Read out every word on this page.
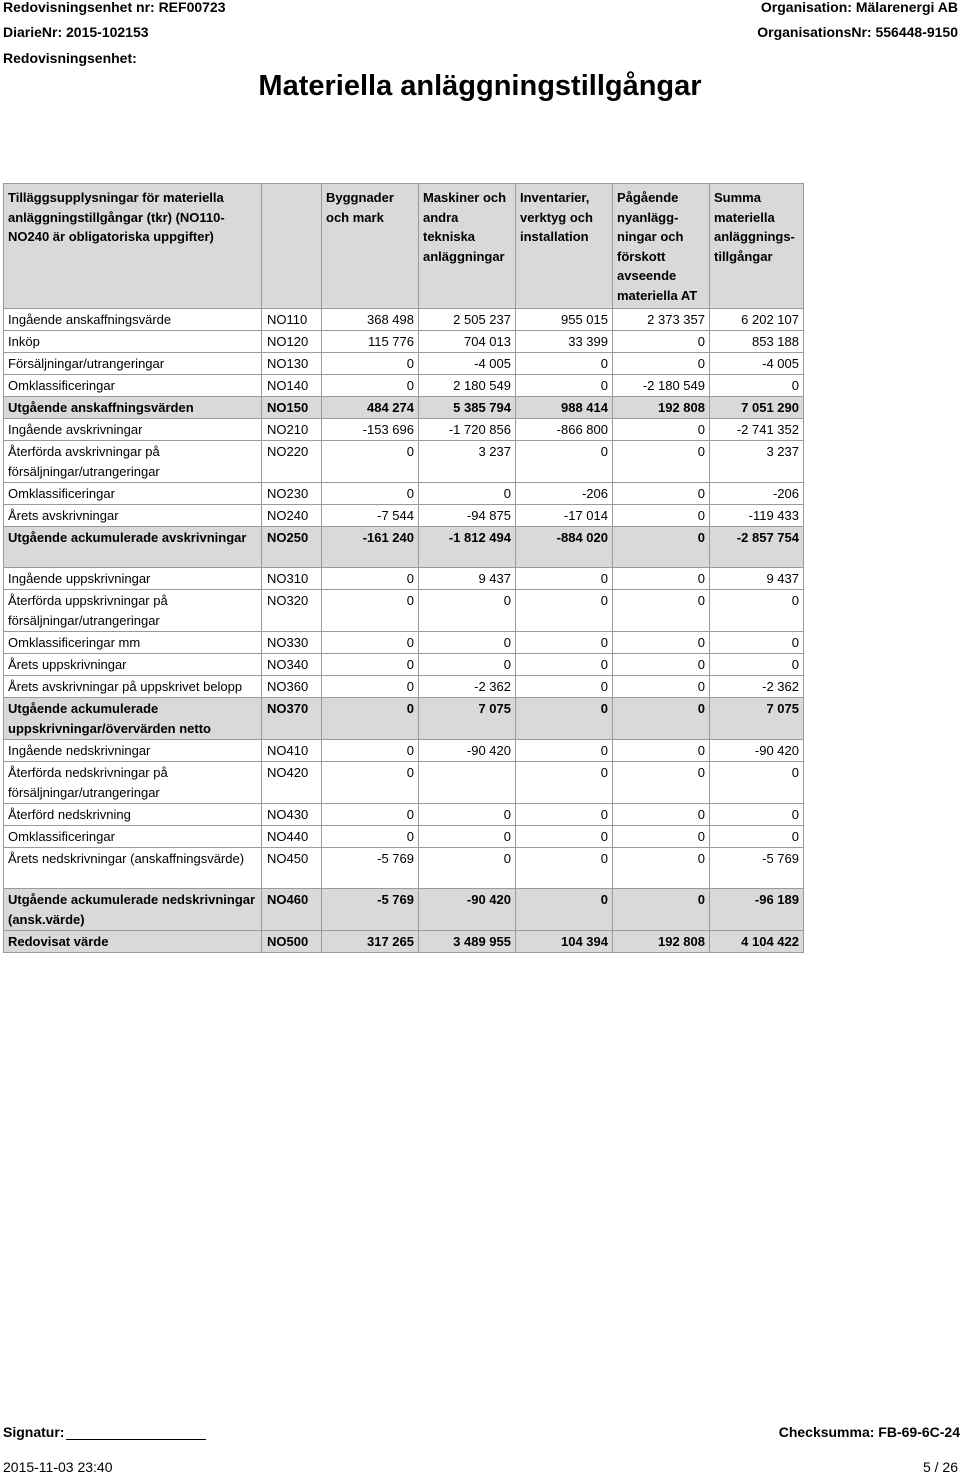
Redovisningsenhet nr: REF00723
DiarieNr: 2015-102153
Redovisningsenhet:
Organisation: Mälarenergi AB
OrganisationsNr: 556448-9150
Materiella anläggningstillgångar
Tilläggsupplysningar för materiella anläggningstillgångar (tkr) (NO110-NO240 är obligatoriska uppgifter)		Byggnader och mark	Maskiner och andra tekniska anläggningar	Inventarier, verktyg och installation	Pågående nyanlägg-ningar och förskott avseende materiella AT	Summa materiella anläggnings-tillgångar
Ingående anskaffningsvärde	NO110	368 498	2 505 237	955 015	2 373 357	6 202 107
Inköp	NO120	115 776	704 013	33 399	0	853 188
Försäljningar/utrangeringar	NO130	0	-4 005	0	0	-4 005
Omklassificeringar	NO140	0	2 180 549	0	-2 180 549	0
Utgående anskaffningsvärden	NO150	484 274	5 385 794	988 414	192 808	7 051 290
Ingående avskrivningar	NO210	-153 696	-1 720 856	-866 800	0	-2 741 352
Återförda avskrivningar på försäljningar/utrangeringar	NO220	0	3 237	0	0	3 237
Omklassificeringar	NO230	0	0	-206	0	-206
Årets avskrivningar	NO240	-7 544	-94 875	-17 014	0	-119 433
Utgående ackumulerade avskrivningar	NO250	-161 240	-1 812 494	-884 020	0	-2 857 754
Ingående uppskrivningar	NO310	0	9 437	0	0	9 437
Återförda uppskrivningar på försäljningar/utrangeringar	NO320	0	0	0	0	0
Omklassificeringar mm	NO330	0	0	0	0	0
Årets uppskrivningar	NO340	0	0	0	0	0
Årets avskrivningar på uppskrivet belopp	NO360	0	-2 362	0	0	-2 362
Utgående ackumulerade uppskrivningar/övervärden netto	NO370	0	7 075	0	0	7 075
Ingående nedskrivningar	NO410	0	-90 420	0	0	-90 420
Återförda nedskrivningar på försäljningar/utrangeringar	NO420	0		0	0	0
Återförd nedskrivning	NO430	0	0	0	0	0
Omklassificeringar	NO440	0	0	0	0	0
Årets nedskrivningar (anskaffningsvärde)	NO450	-5 769	0	0	0	-5 769
Utgående ackumulerade nedskrivningar (ansk.värde)	NO460	-5 769	-90 420	0	0	-96 189
Redovisat värde	NO500	317 265	3 489 955	104 394	192 808	4 104 422
Signatur:	Checksumma: FB-69-6C-24
2015-11-03 23:40	5 / 26
